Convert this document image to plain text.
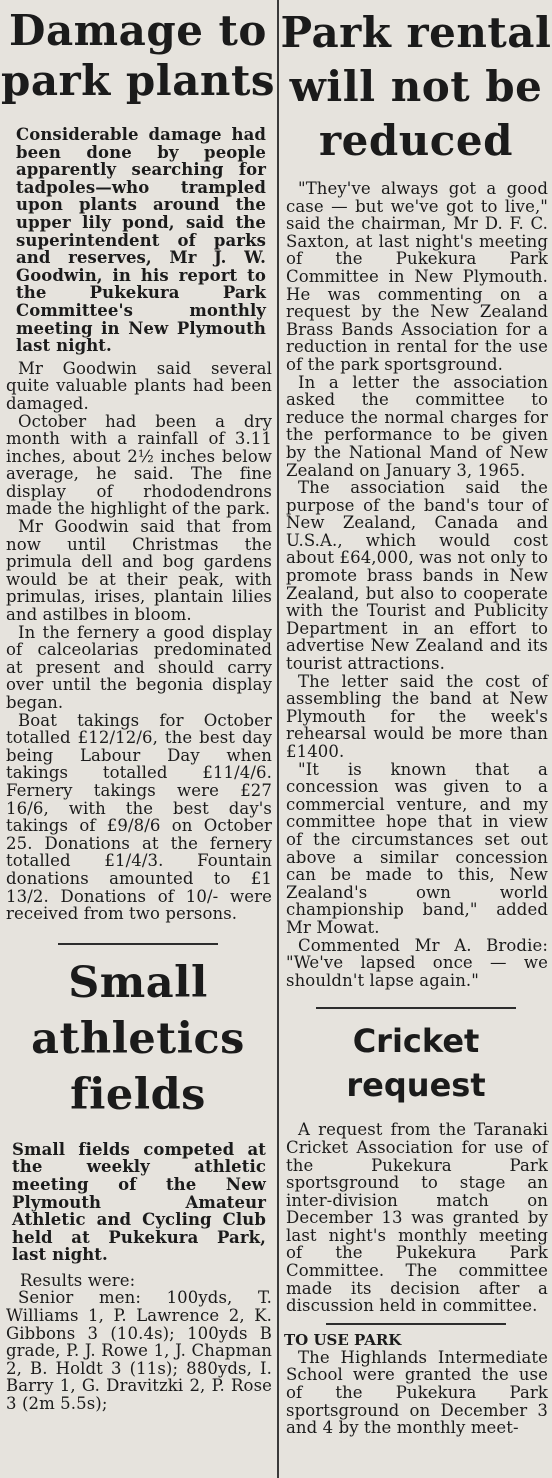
Damage to
park plants

Considerable damage had been done by people apparently searching for tadpoles—who trampled upon plants around the upper lily pond, said the superintendent of parks and reserves, Mr J. W. Goodwin, in his report to the Pukekura Park Committee's monthly meeting in New Plymouth last night.

Mr Goodwin said several quite valuable plants had been damaged.

October had been a dry month with a rainfall of 3.11 inches, about 2½ inches below average, he said. The fine display of rhododendrons made the highlight of the park.

Mr Goodwin said that from now until Christmas the primula dell and bog gardens would be at their peak, with primulas, irises, plantain lilies and astilbes in bloom.

In the fernery a good display of calceolarias predominated at present and should carry over until the begonia display began.

Boat takings for October totalled £12/12/6, the best day being Labour Day when takings totalled £11/4/6. Fernery takings were £27 16/6, with the best day's takings of £9/8/6 on October 25. Donations at the fernery totalled £1/4/3. Fountain donations amounted to £1 13/2. Donations of 10/- were received from two persons.

Small
athletics
fields

Small fields competed at the weekly athletic meeting of the New Plymouth Amateur Athletic and Cycling Club held at Pukekura Park, last night.

Results were:

Senior men: 100yds, T. Williams 1, P. Lawrence 2, K. Gibbons 3 (10.4s); 100yds B grade, P. J. Rowe 1, J. Chapman 2, B. Holdt 3 (11s); 880yds, I. Barry 1, G. Dravitzki 2, P. Rose 3 (2m 5.5s);

Park rental
will not be
reduced

"They've always got a good case — but we've got to live," said the chairman, Mr D. F. C. Saxton, at last night's meeting of the Pukekura Park Committee in New Plymouth. He was commenting on a request by the New Zealand Brass Bands Association for a reduction in rental for the use of the park sportsground.

In a letter the association asked the committee to reduce the normal charges for the performance to be given by the National Mand of New Zealand on January 3, 1965.

The association said the purpose of the band's tour of New Zealand, Canada and U.S.A., which would cost about £64,000, was not only to promote brass bands in New Zealand, but also to cooperate with the Tourist and Publicity Department in an effort to advertise New Zealand and its tourist attractions.

The letter said the cost of assembling the band at New Plymouth for the week's rehearsal would be more than £1400.

"It is known that a concession was given to a commercial venture, and my committee hope that in view of the circumstances set out above a similar concession can be made to this, New Zealand's own world championship band," added Mr Mowat.

Commented Mr A. Brodie: "We've lapsed once — we shouldn't lapse again."

Cricket request

A request from the Taranaki Cricket Association for use of the Pukekura Park sportsground to stage an inter-division match on December 13 was granted by last night's monthly meeting of the Pukekura Park Committee. The committee made its decision after a discussion held in committee.

TO USE PARK

The Highlands Intermediate School were granted the use of the Pukekura Park sportsground on December 3 and 4 by the monthly meet-
